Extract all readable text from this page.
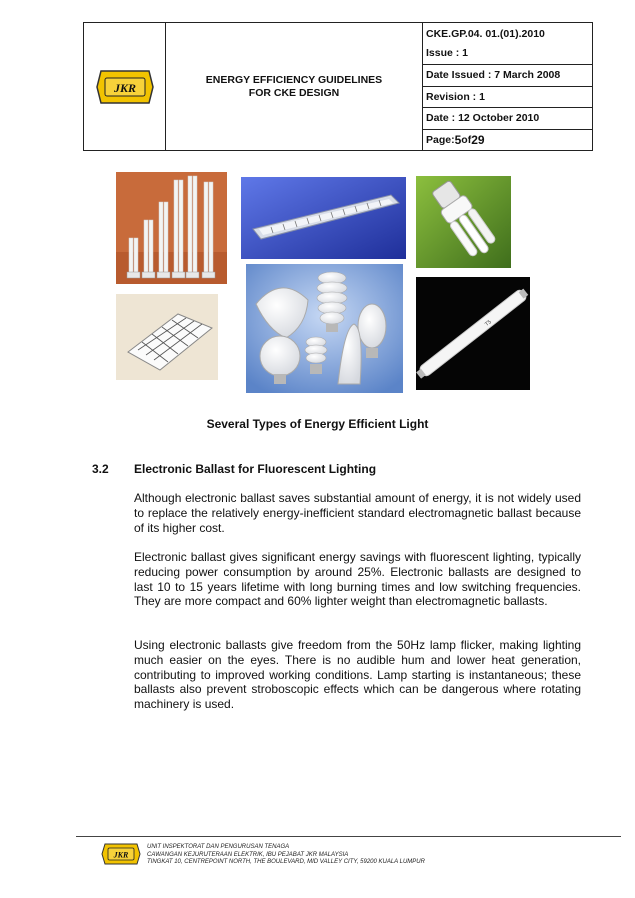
JKR
ENERGY EFFICIENCY GUIDELINES
FOR CKE DESIGN
CKE.GP.04. 01.(01).2010
Issue : 1
Date Issued : 7 March 2008
Revision : 1
Date : 12 October 2010
Page: 5 of 29
T5
Several Types of Energy Efficient Light
3.2 Electronic Ballast for Fluorescent Lighting

Although electronic ballast saves substantial amount of energy, it is not widely used to replace the relatively energy-inefficient standard electromagnetic ballast because of its higher cost.

Electronic ballast gives significant energy savings with fluorescent lighting, typically reducing power consumption by around 25%. Electronic ballasts are designed to last 10 to 15 years lifetime with long burning times and low switching frequencies. They are more compact and 60% lighter weight than electromagnetic ballasts.

Using electronic ballasts give freedom from the 50Hz lamp flicker, making lighting much easier on the eyes. There is no audible hum and lower heat generation, contributing to improved working conditions. Lamp starting is instantaneous; these ballasts also prevent stroboscopic effects which can be dangerous where rotating machinery is used.

JKR
UNIT INSPEKTORAT DAN PENGURUSAN TENAGA
CAWANGAN KEJURUTERAAN ELEKTRIK, IBU PEJABAT JKR MALAYSIA
TINGKAT 10, CENTREPOINT NORTH, THE BOULEVARD, MID VALLEY CITY, 59200 KUALA LUMPUR
